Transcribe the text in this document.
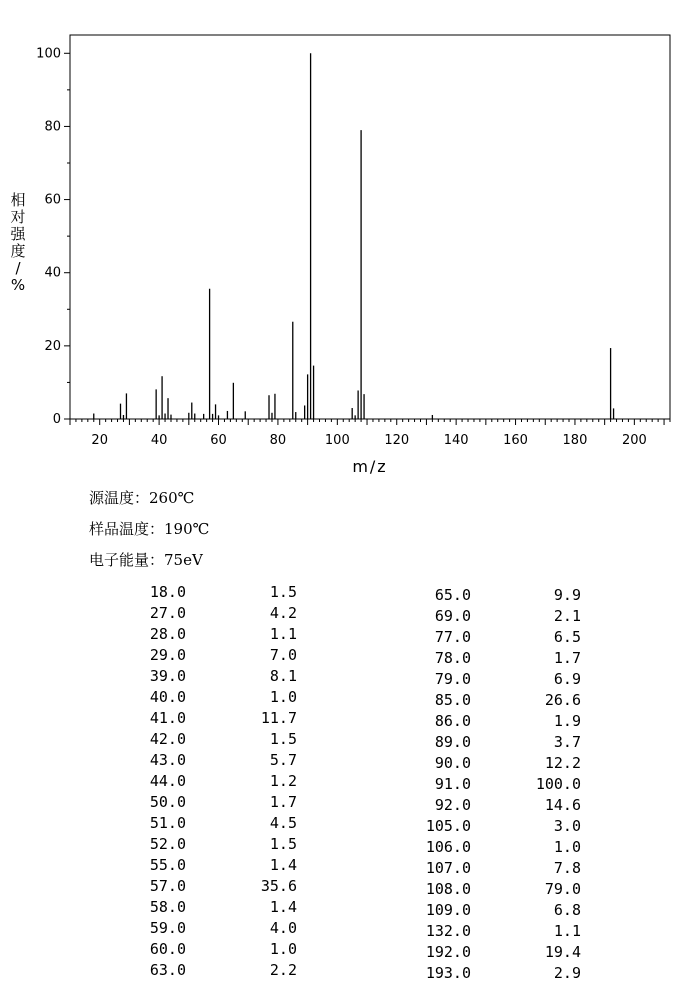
0
20
40
60
80
100
20	40	60	80	100	120	140	160	180	200
m/z
相
对
强
度
/
%
源温度：260℃
样品温度：190℃
电子能量：75eV
18.0	1.5
27.0	4.2
28.0	1.1
29.0	7.0
39.0	8.1
40.0	1.0
41.0	11.7
42.0	1.5
43.0	5.7
44.0	1.2
50.0	1.7
51.0	4.5
52.0	1.5
55.0	1.4
57.0	35.6
58.0	1.4
59.0	4.0
60.0	1.0
63.0	2.2
65.0	9.9
69.0	2.1
77.0	6.5
78.0	1.7
79.0	6.9
85.0	26.6
86.0	1.9
89.0	3.7
90.0	12.2
91.0	100.0
92.0	14.6
105.0	3.0
106.0	1.0
107.0	7.8
108.0	79.0
109.0	6.8
132.0	1.1
192.0	19.4
193.0	2.9
